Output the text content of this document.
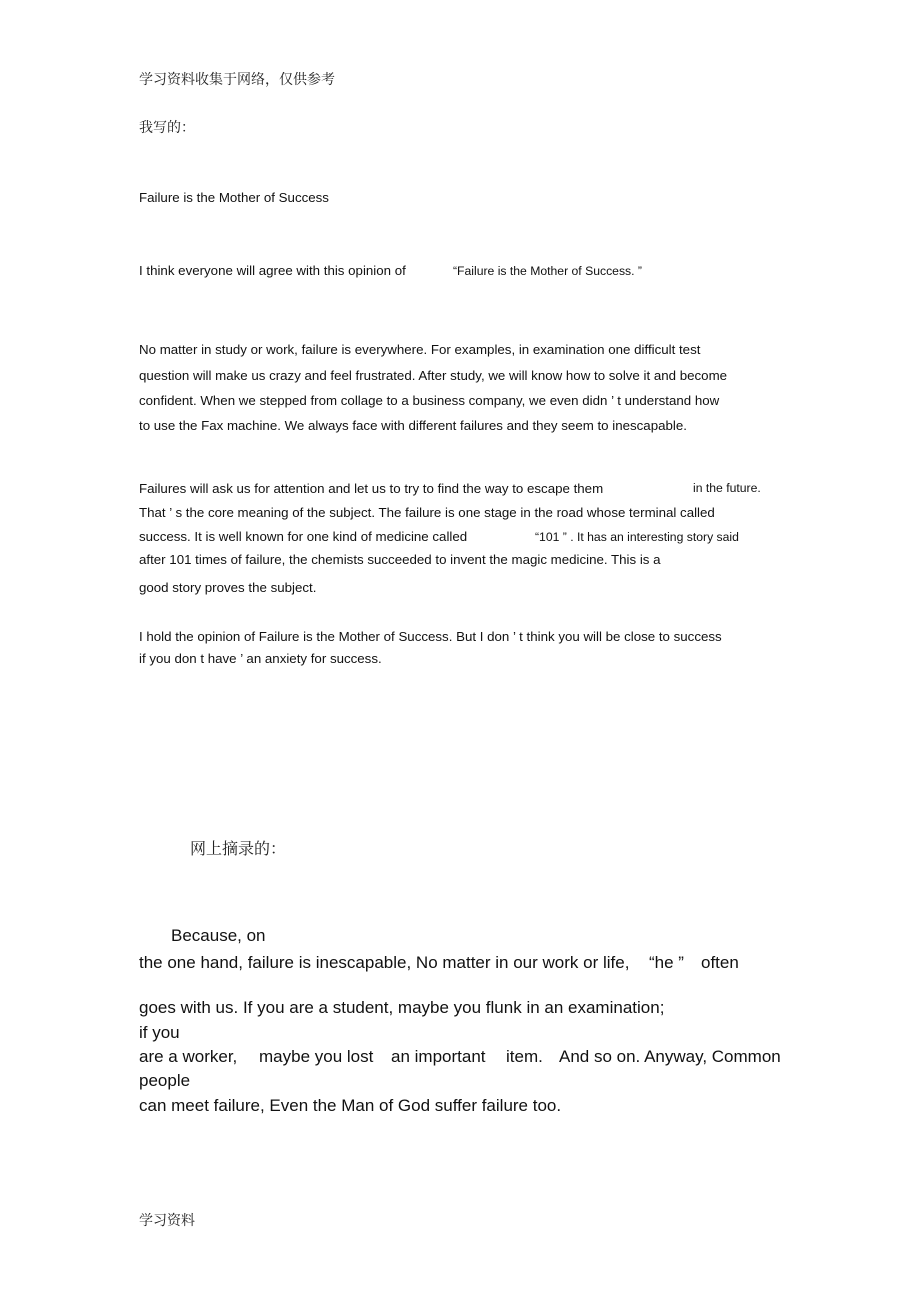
学习资料收集于网络，仅供参考

我写的：

Failure is the Mother of Success

I think everyone will agree with this opinion of	“Failure is the Mother of Success. ”

No matter in study or work, failure is everywhere. For examples, in examination one difficult test

question will make us crazy and feel frustrated. After study, we will know how to solve it and become

confident. When we stepped from collage to a business company, we even didn ’ t understand how

to use the Fax machine. We always face with different failures and they seem to inescapable.

Failures will ask us for attention and let us to try to find the way to escape them	in the future.

That ’ s the core meaning of the subject. The failure is one stage in the road whose terminal called

success. It is well known for one kind of medicine called	“101 ” . It has an interesting story said

after 101 times of failure, the chemists succeeded to invent the magic medicine. This is a

good story proves the subject.

I hold the opinion of Failure is the Mother of Success. But I don ’ t think you will be close to success

if you don t have ’ an anxiety for success.

网上摘录的：

Because, on

the one hand, failure is inescapable, No matter in our work or life, “he ” often

goes with us. If you are a student, maybe you flunk in an examination;

if you

are a worker, maybe you lost an important item. And so on. Anyway, Common

people

can meet failure, Even the Man of God suffer failure too.

学习资料
